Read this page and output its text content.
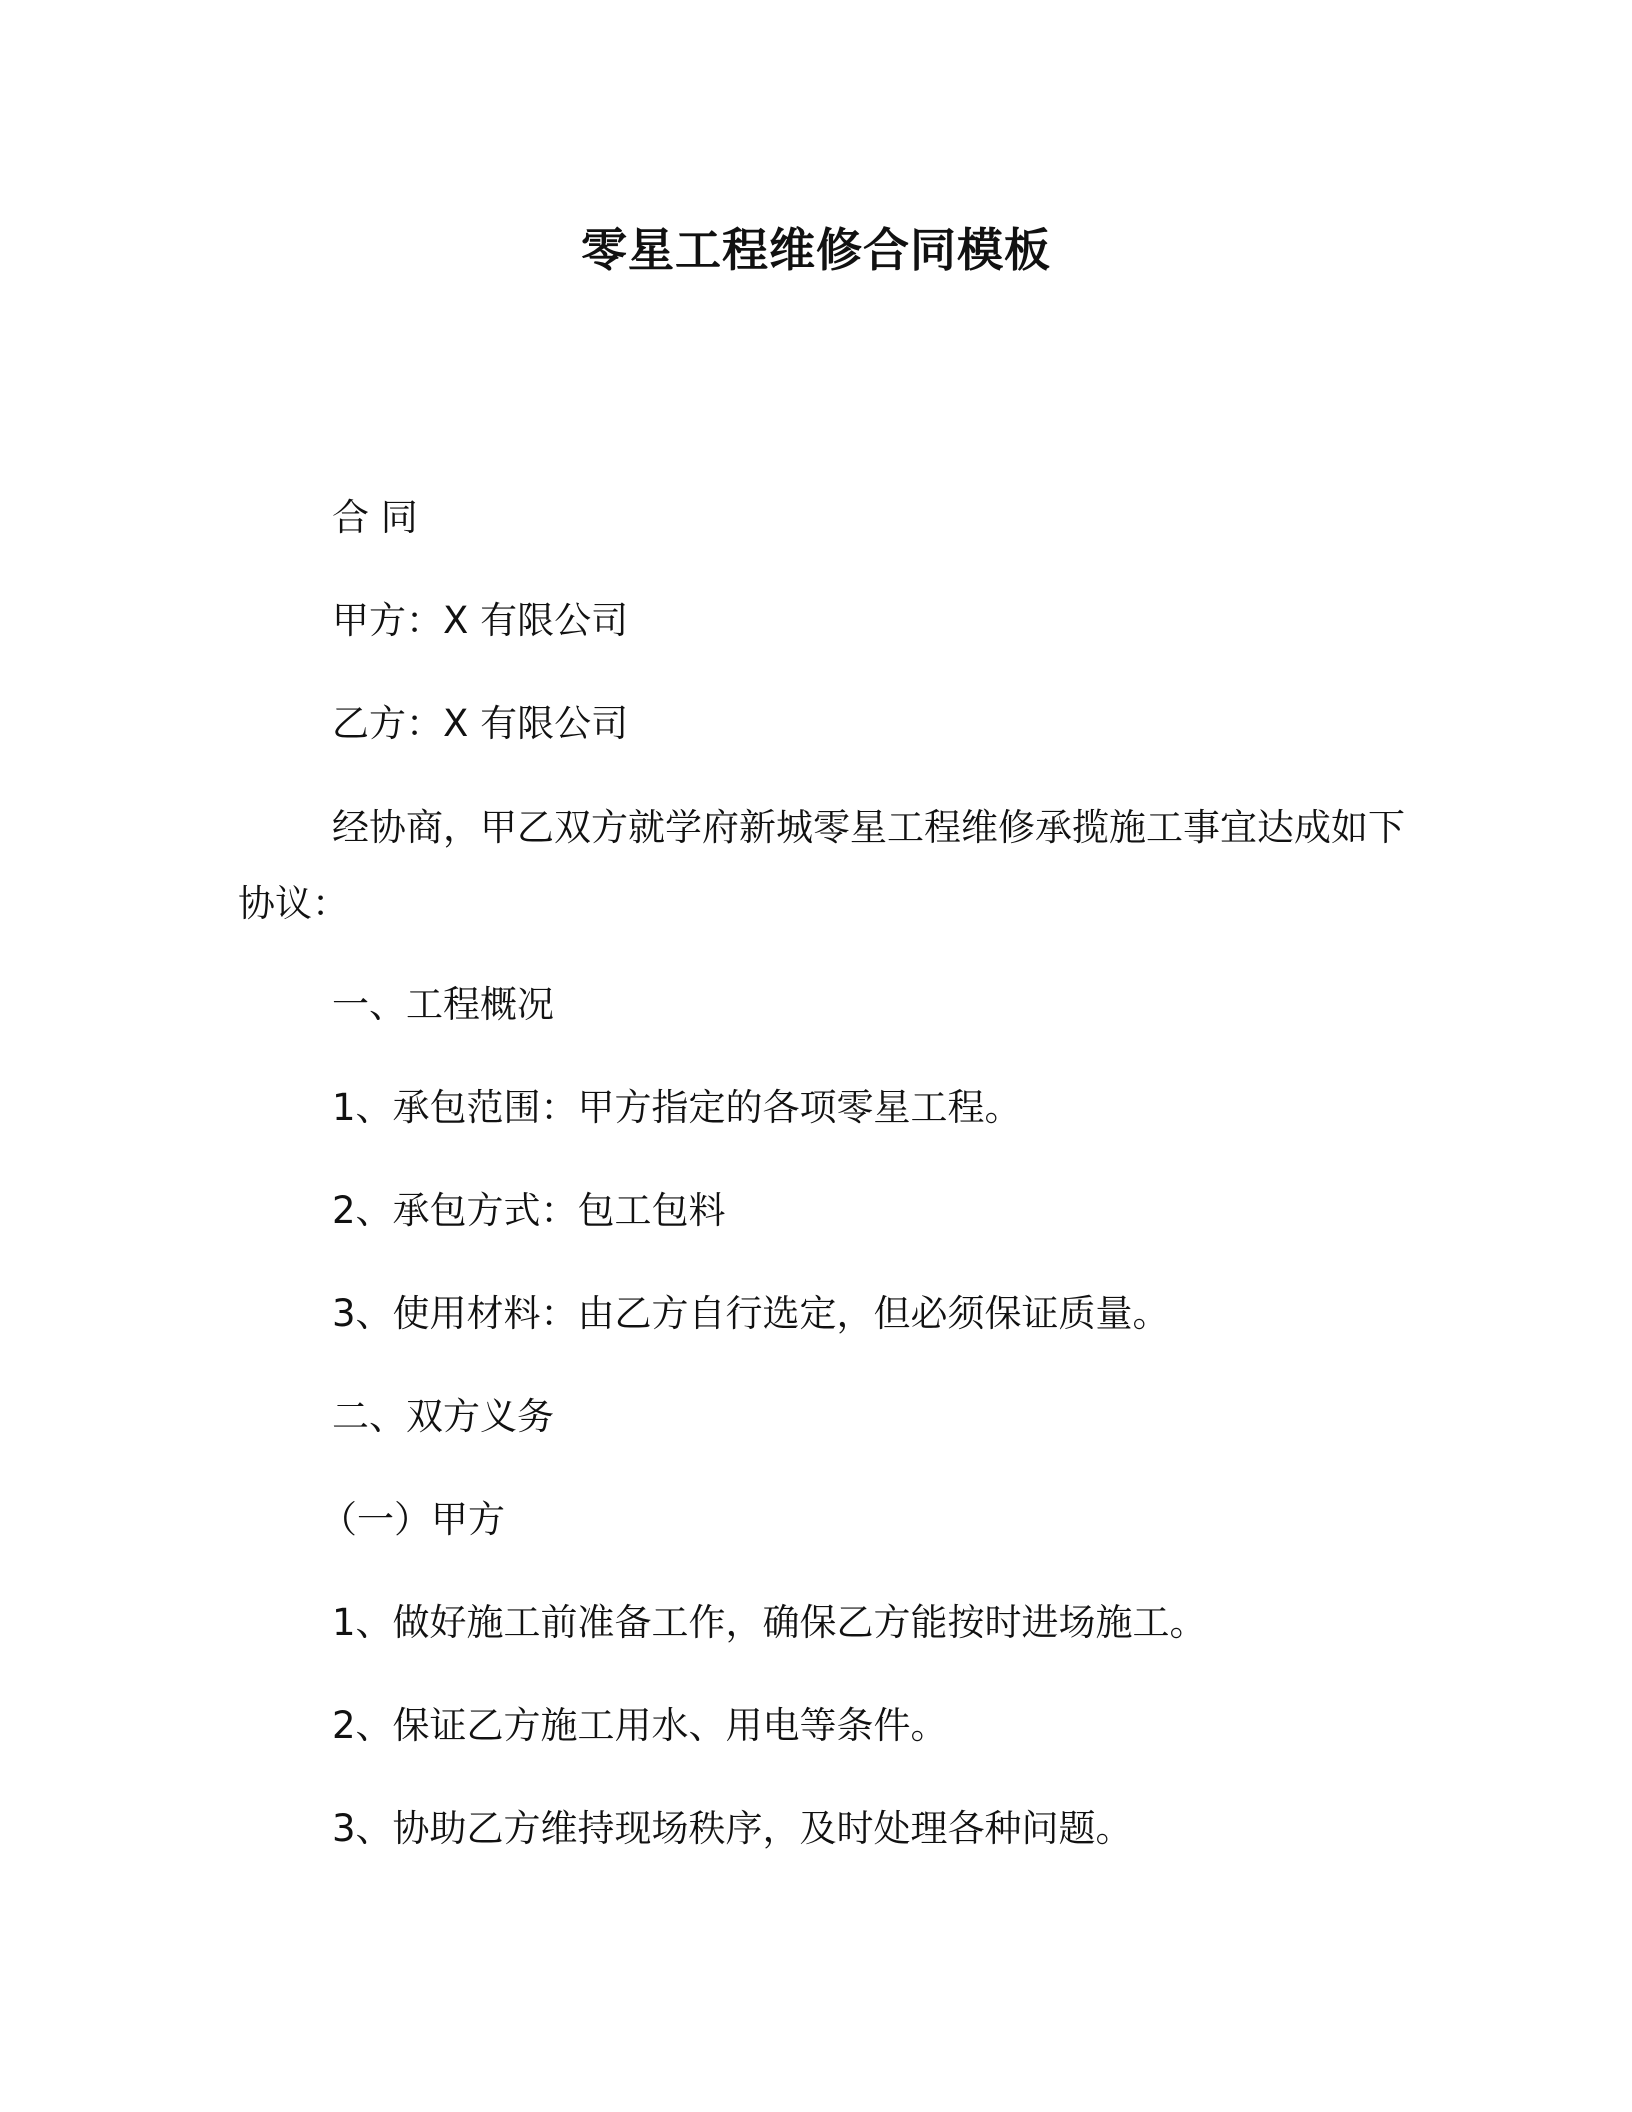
零星工程维修合同模板
合 同
甲方：X 有限公司
乙方：X 有限公司
经协商，甲乙双方就学府新城零星工程维修承揽施工事宜达成如下协议：
一、工程概况
1、承包范围：甲方指定的各项零星工程。
2、承包方式：包工包料
3、使用材料：由乙方自行选定，但必须保证质量。
二、双方义务
（一）甲方
1、做好施工前准备工作，确保乙方能按时进场施工。
2、保证乙方施工用水、用电等条件。
3、协助乙方维持现场秩序，及时处理各种问题。
